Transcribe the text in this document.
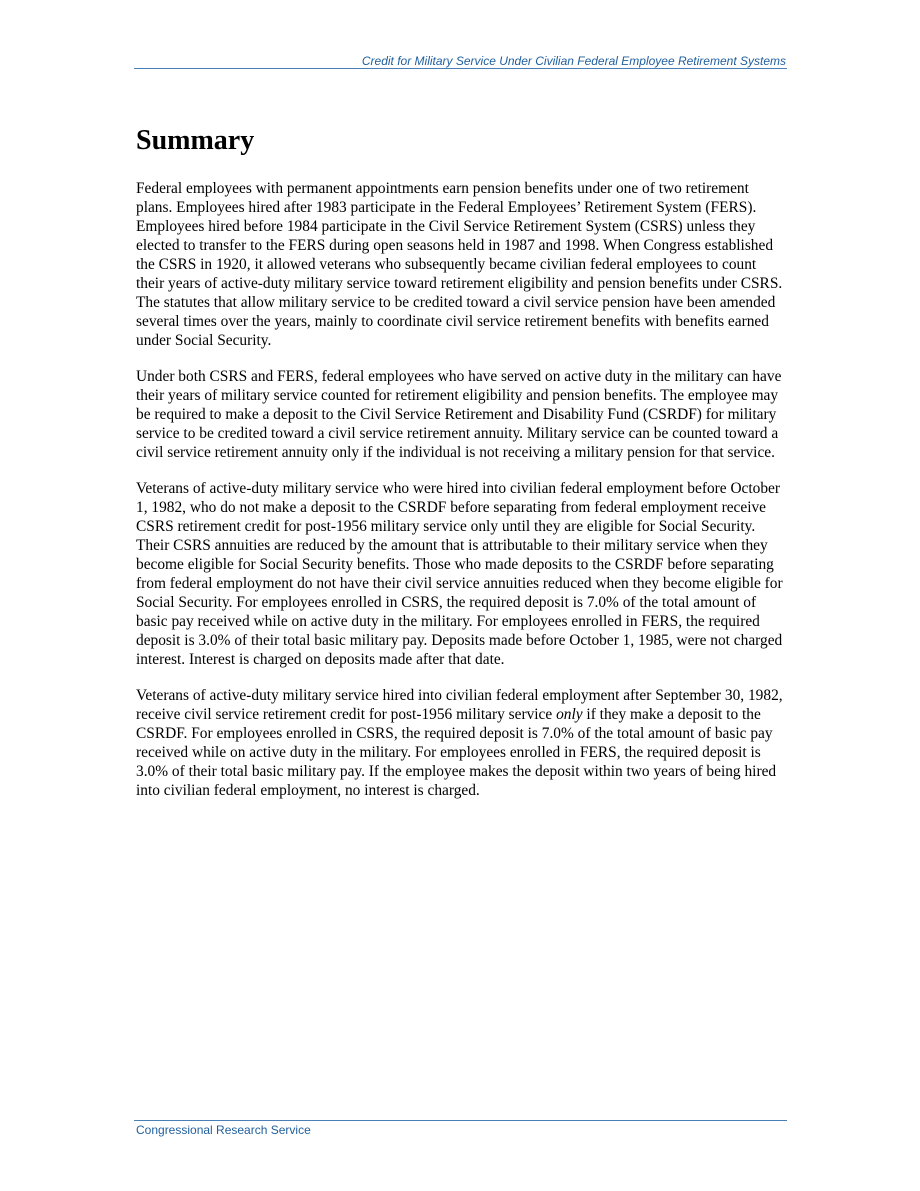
Credit for Military Service Under Civilian Federal Employee Retirement Systems
Summary

Federal employees with permanent appointments earn pension benefits under one of two retirement plans. Employees hired after 1983 participate in the Federal Employees’ Retirement System (FERS). Employees hired before 1984 participate in the Civil Service Retirement System (CSRS) unless they elected to transfer to the FERS during open seasons held in 1987 and 1998. When Congress established the CSRS in 1920, it allowed veterans who subsequently became civilian federal employees to count their years of active-duty military service toward retirement eligibility and pension benefits under CSRS. The statutes that allow military service to be credited toward a civil service pension have been amended several times over the years, mainly to coordinate civil service retirement benefits with benefits earned under Social Security.

Under both CSRS and FERS, federal employees who have served on active duty in the military can have their years of military service counted for retirement eligibility and pension benefits. The employee may be required to make a deposit to the Civil Service Retirement and Disability Fund (CSRDF) for military service to be credited toward a civil service retirement annuity. Military service can be counted toward a civil service retirement annuity only if the individual is not receiving a military pension for that service.

Veterans of active-duty military service who were hired into civilian federal employment before October 1, 1982, who do not make a deposit to the CSRDF before separating from federal employment receive CSRS retirement credit for post-1956 military service only until they are eligible for Social Security. Their CSRS annuities are reduced by the amount that is attributable to their military service when they become eligible for Social Security benefits. Those who made deposits to the CSRDF before separating from federal employment do not have their civil service annuities reduced when they become eligible for Social Security. For employees enrolled in CSRS, the required deposit is 7.0% of the total amount of basic pay received while on active duty in the military. For employees enrolled in FERS, the required deposit is 3.0% of their total basic military pay. Deposits made before October 1, 1985, were not charged interest. Interest is charged on deposits made after that date.

Veterans of active-duty military service hired into civilian federal employment after September 30, 1982, receive civil service retirement credit for post-1956 military service only if they make a deposit to the CSRDF. For employees enrolled in CSRS, the required deposit is 7.0% of the total amount of basic pay received while on active duty in the military. For employees enrolled in FERS, the required deposit is 3.0% of their total basic military pay. If the employee makes the deposit within two years of being hired into civilian federal employment, no interest is charged.

Congressional Research Service
